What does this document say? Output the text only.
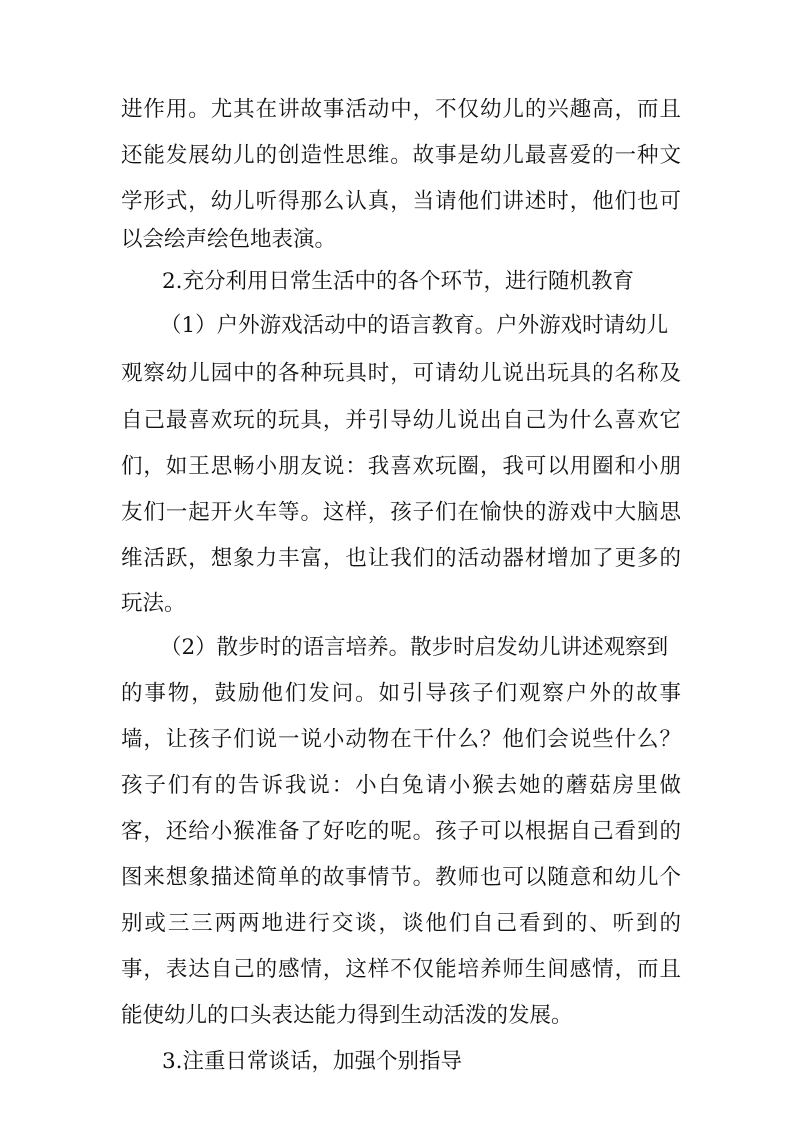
进作用。尤其在讲故事活动中，不仅幼儿的兴趣高，而且
还能发展幼儿的创造性思维。故事是幼儿最喜爱的一种文
学形式，幼儿听得那么认真，当请他们讲述时，他们也可
以会绘声绘色地表演。
2.充分利用日常生活中的各个环节，进行随机教育
（1）户外游戏活动中的语言教育。户外游戏时请幼儿
观察幼儿园中的各种玩具时，可请幼儿说出玩具的名称及
自己最喜欢玩的玩具，并引导幼儿说出自己为什么喜欢它
们，如王思畅小朋友说：我喜欢玩圈，我可以用圈和小朋
友们一起开火车等。这样，孩子们在愉快的游戏中大脑思
维活跃，想象力丰富，也让我们的活动器材增加了更多的
玩法。
（2）散步时的语言培养。散步时启发幼儿讲述观察到
的事物，鼓励他们发问。如引导孩子们观察户外的故事
墙，让孩子们说一说小动物在干什么？他们会说些什么？
孩子们有的告诉我说：小白兔请小猴去她的蘑菇房里做
客，还给小猴准备了好吃的呢。孩子可以根据自己看到的
图来想象描述简单的故事情节。教师也可以随意和幼儿个
别或三三两两地进行交谈，谈他们自己看到的、听到的
事，表达自己的感情，这样不仅能培养师生间感情，而且
能使幼儿的口头表达能力得到生动活泼的发展。
3.注重日常谈话，加强个别指导
